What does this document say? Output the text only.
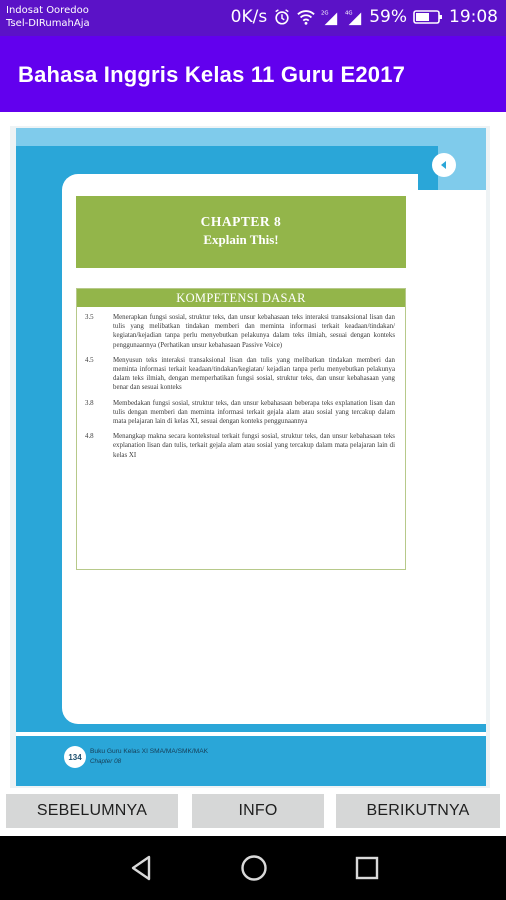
Indosat Ooredoo
Tsel-DIRumahAja	0K/s	2G	4G 59% 19:08
Bahasa Inggris Kelas 11 Guru E2017
CHAPTER 8
Explain This!
KOMPETENSI DASAR
3.5	Menerapkan fungsi sosial, struktur teks, dan unsur kebahasaan teks interaksi transaksional lisan dan tulis yang melibatkan tindakan memberi dan meminta informasi terkait keadaan/tindakan/ kegiatan/kejadian tanpa perlu menyebutkan pelakunya dalam teks ilmiah, sesuai dengan konteks penggunaannya (Perhatikan unsur kebahasaan Passive Voice)
4.5	Menyusun teks interaksi transaksional lisan dan tulis yang melibatkan tindakan memberi dan meminta informasi terkait keadaan/tindakan/kegiatan/ kejadian tanpa perlu menyebutkan pelakunya dalam teks ilmiah, dengan memperhatikan fungsi sosial, struktur teks, dan unsur kebahasaan yang benar dan sesuai konteks
3.8	Membedakan fungsi sosial, struktur teks, dan unsur kebahasaan beberapa teks explanation lisan dan tulis dengan memberi dan meminta informasi terkait gejala alam atau sosial yang tercakup dalam mata pelajaran lain di kelas XI, sesuai dengan konteks penggunaannya
4.8	Menangkap makna secara kontekstual terkait fungsi sosial, struktur teks, dan unsur kebahasaan teks explanation lisan dan tulis, terkait gejala alam atau sosial yang tercakup dalam mata pelajaran lain di kelas XI
134
Buku Guru Kelas XI SMA/MA/SMK/MAK
Chapter 08
SEBELUMNYA	INFO	BERIKUTNYA
